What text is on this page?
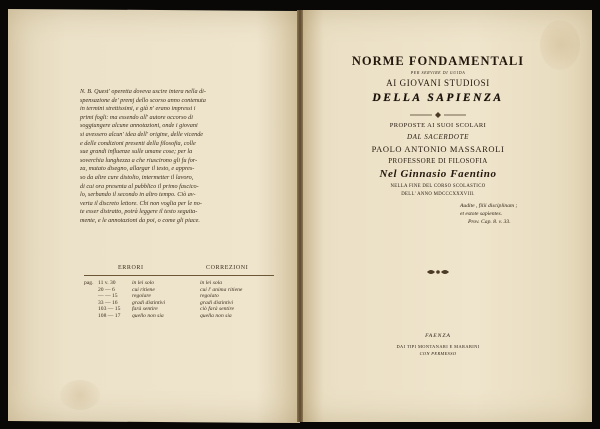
N. B. Quest' operetta doveva uscire intera nella di-
spensazione de' premj dello scorso anno contenuta
in termini strettissimi, e già n' erano impressi i
primi fogli: ma essendo all' autore occorso di
soggiungere alcune annotazioni, onde i giovani
si avessero alcun' idea dell' origine, delle vicende
e delle condizioni presenti della filosofia, colle
sue grandi influenze sulle umane cose; per la
soverchia lunghezza a che riuscirono gli fu for-
za, mutato disegno, allargar il testo, e appres-
so da altre cure distolto, intermetter il lavoro,
di cui ora presenta al pubblico il primo fascico-
lo, serbando il secondo in altro tempo. Ciò av-
verta il discreto lettore. Chi non voglia per le no-
te esser distratto, potrà leggere il testo seguita-
mente, e le annotazioni da poi, o come gli piace.
ERRORI	CORREZIONI
pag. 11 v. 30	in lei solo	in lei sola
20 — 6	cui ritiene	cui l' anima ritiene
— — 15	regolare	regolato
33 — 16	gradi distintivi	gradi distintivi
103 — 15	farà sentire	ciò farà sentire
108 — 17	quello non sia	quella non sia
NORME FONDAMENTALI
PER SERVIRE DI GUIDA
AI GIOVANI STUDIOSI
DELLA SAPIENZA
PROPOSTE AI SUOI SCOLARI
DAL SACERDOTE
PAOLO ANTONIO MASSAROLI
PROFESSORE DI FILOSOFIA
Nel Ginnasio Faentino
NELLA FINE DEL CORSO SCOLASTICO
DELL' ANNO MDCCCXXXVIII.
Audite , filii disciplinam ;
et estote sapientes.
Prov. Cap. 8. v. 33.
FAENZA
DAI TIPI MONTANARI E MARABINI
CON PERMESSO
